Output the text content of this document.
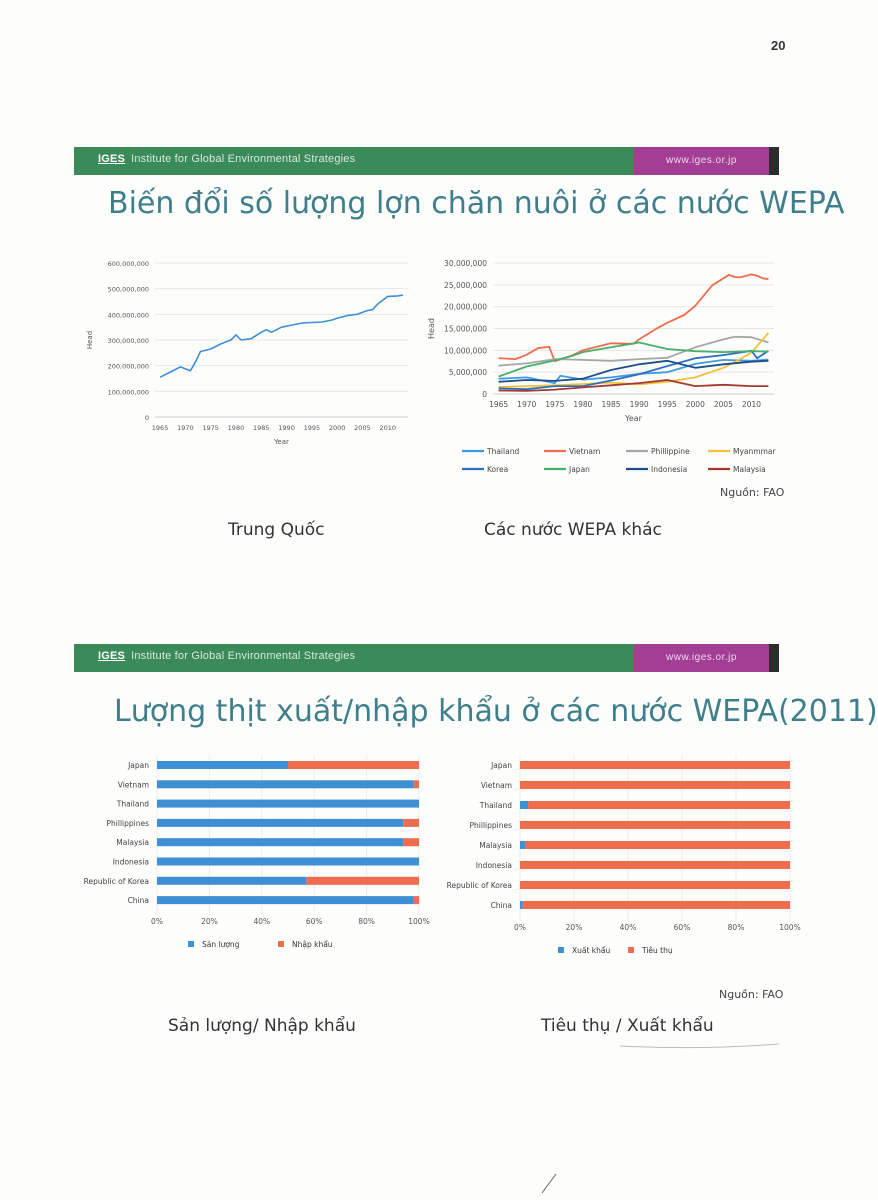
20
IGES Institute for Global Environmental Strategies	www.iges.or.jp
Biến đổi số lượng lợn chăn nuôi ở các nước WEPA
0
100,000,000
200,000,000
300,000,000
400,000,000
500,000,000
600,000,000
1965 1970 1975 1980 1985 1990 1995 2000 2005 2010
Year
Head
0
5,000,000
10,000,000
15,000,000
20,000,000
25,000,000
30,000,000
1965 1970 1975 1980 1985 1990 1995 2000 2005 2010
Year
Head
Thailand	Vietnam	Phillippine	Myanmmar
Korea	Japan	Indonesia	Malaysia
Nguồn: FAO
Trung Quốc	Các nước WEPA khác
IGES Institute for Global Environmental Strategies	www.iges.or.jp
Lượng thịt xuất/nhập khẩu ở các nước WEPA(2011)
0%	20%	40%	60%	80%	100%
Japan
Vietnam
Thailand
Phillippines
Malaysia
Indonesia
Republic of Korea
China
Sản lượng	Nhập khẩu
0%	20%	40%	60%	80%	100%
Japan
Vietnam
Thailand
Phillippines
Malaysia
Indonesia
Republic of Korea
China
Xuất khẩu	Tiêu thụ
Nguồn: FAO
Sản lượng/ Nhập khẩu	Tiêu thụ / Xuất khẩu
